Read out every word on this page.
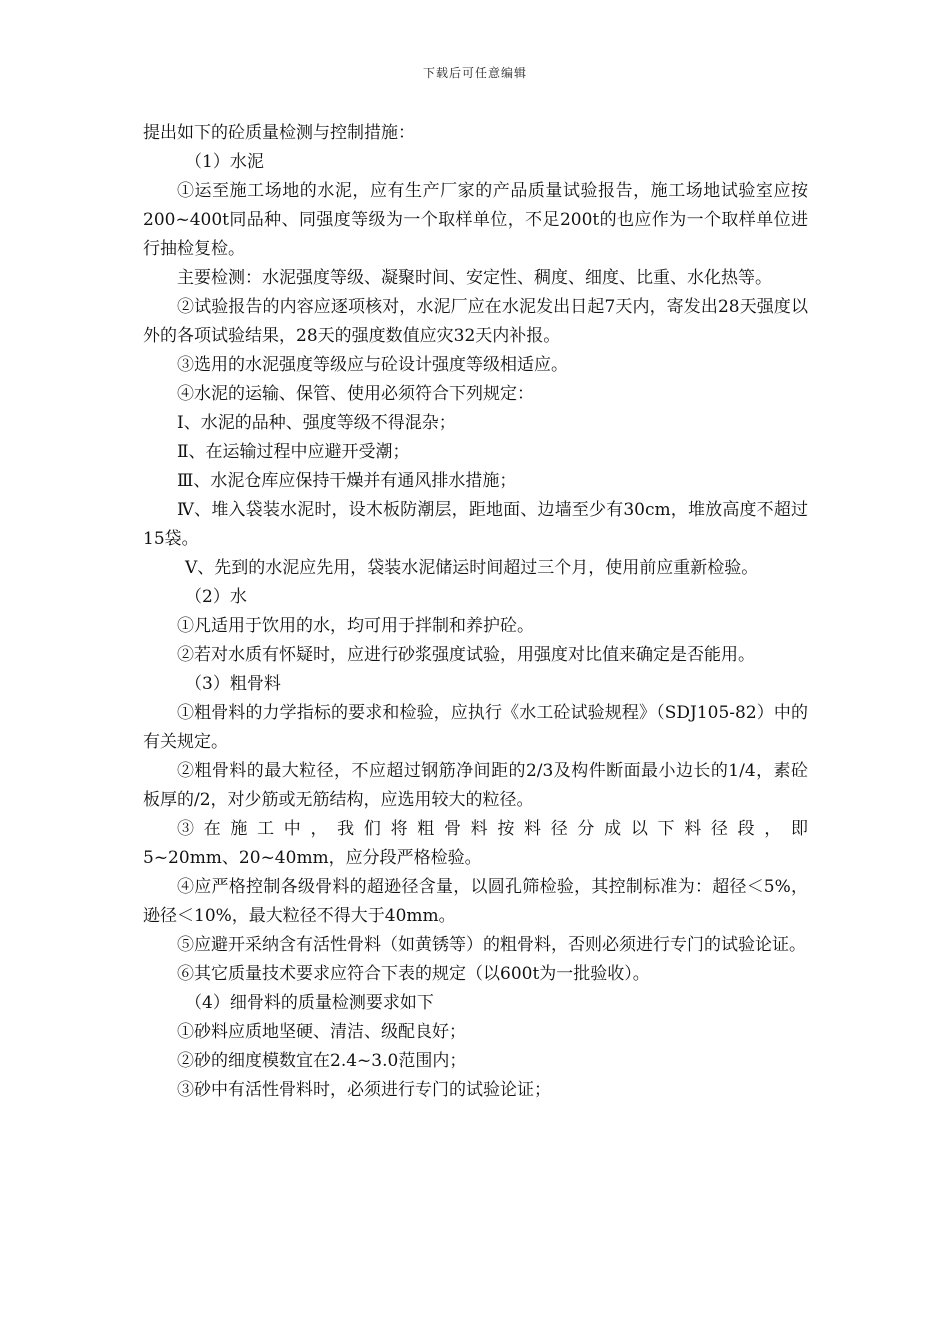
下载后可任意编辑

提出如下的砼质量检测与控制措施：

（1）水泥

①运至施工场地的水泥，应有生产厂家的产品质量试验报告，施工场地试验室应按200~400t同品种、同强度等级为一个取样单位，不足200t的也应作为一个取样单位进行抽检复检。

主要检测：水泥强度等级、凝聚时间、安定性、稠度、细度、比重、水化热等。

②试验报告的内容应逐项核对，水泥厂应在水泥发出日起7天内，寄发出28天强度以外的各项试验结果，28天的强度数值应灾32天内补报。

③选用的水泥强度等级应与砼设计强度等级相适应。

④水泥的运输、保管、使用必须符合下列规定：

Ⅰ、水泥的品种、强度等级不得混杂；

Ⅱ、在运输过程中应避开受潮；

Ⅲ、水泥仓库应保持干燥并有通风排水措施；

Ⅳ、堆入袋装水泥时，设木板防潮层，距地面、边墙至少有30cm，堆放高度不超过15袋。

Ⅴ、先到的水泥应先用，袋装水泥储运时间超过三个月，使用前应重新检验。

（2）水

①凡适用于饮用的水，均可用于拌制和养护砼。

②若对水质有怀疑时，应进行砂浆强度试验，用强度对比值来确定是否能用。

（3）粗骨料

①粗骨料的力学指标的要求和检验，应执行《水工砼试验规程》（SDJ105-82）中的有关规定。

②粗骨料的最大粒径，不应超过钢筋净间距的2/3及构件断面最小边长的1/4，素砼板厚的/2，对少筋或无筋结构，应选用较大的粒径。

③在施工中，我们将粗骨料按料径分成以下料径段，即

5~20mm、20~40mm，应分段严格检验。

④应严格控制各级骨料的超逊径含量，以圆孔筛检验，其控制标准为：超径＜5%，逊径＜10%，最大粒径不得大于40mm。

⑤应避开采纳含有活性骨料（如黄锈等）的粗骨料，否则必须进行专门的试验论证。

⑥其它质量技术要求应符合下表的规定（以600t为一批验收）。

（4）细骨料的质量检测要求如下

①砂料应质地坚硬、清洁、级配良好；

②砂的细度模数宜在2.4~3.0范围内；

③砂中有活性骨料时，必须进行专门的试验论证；
